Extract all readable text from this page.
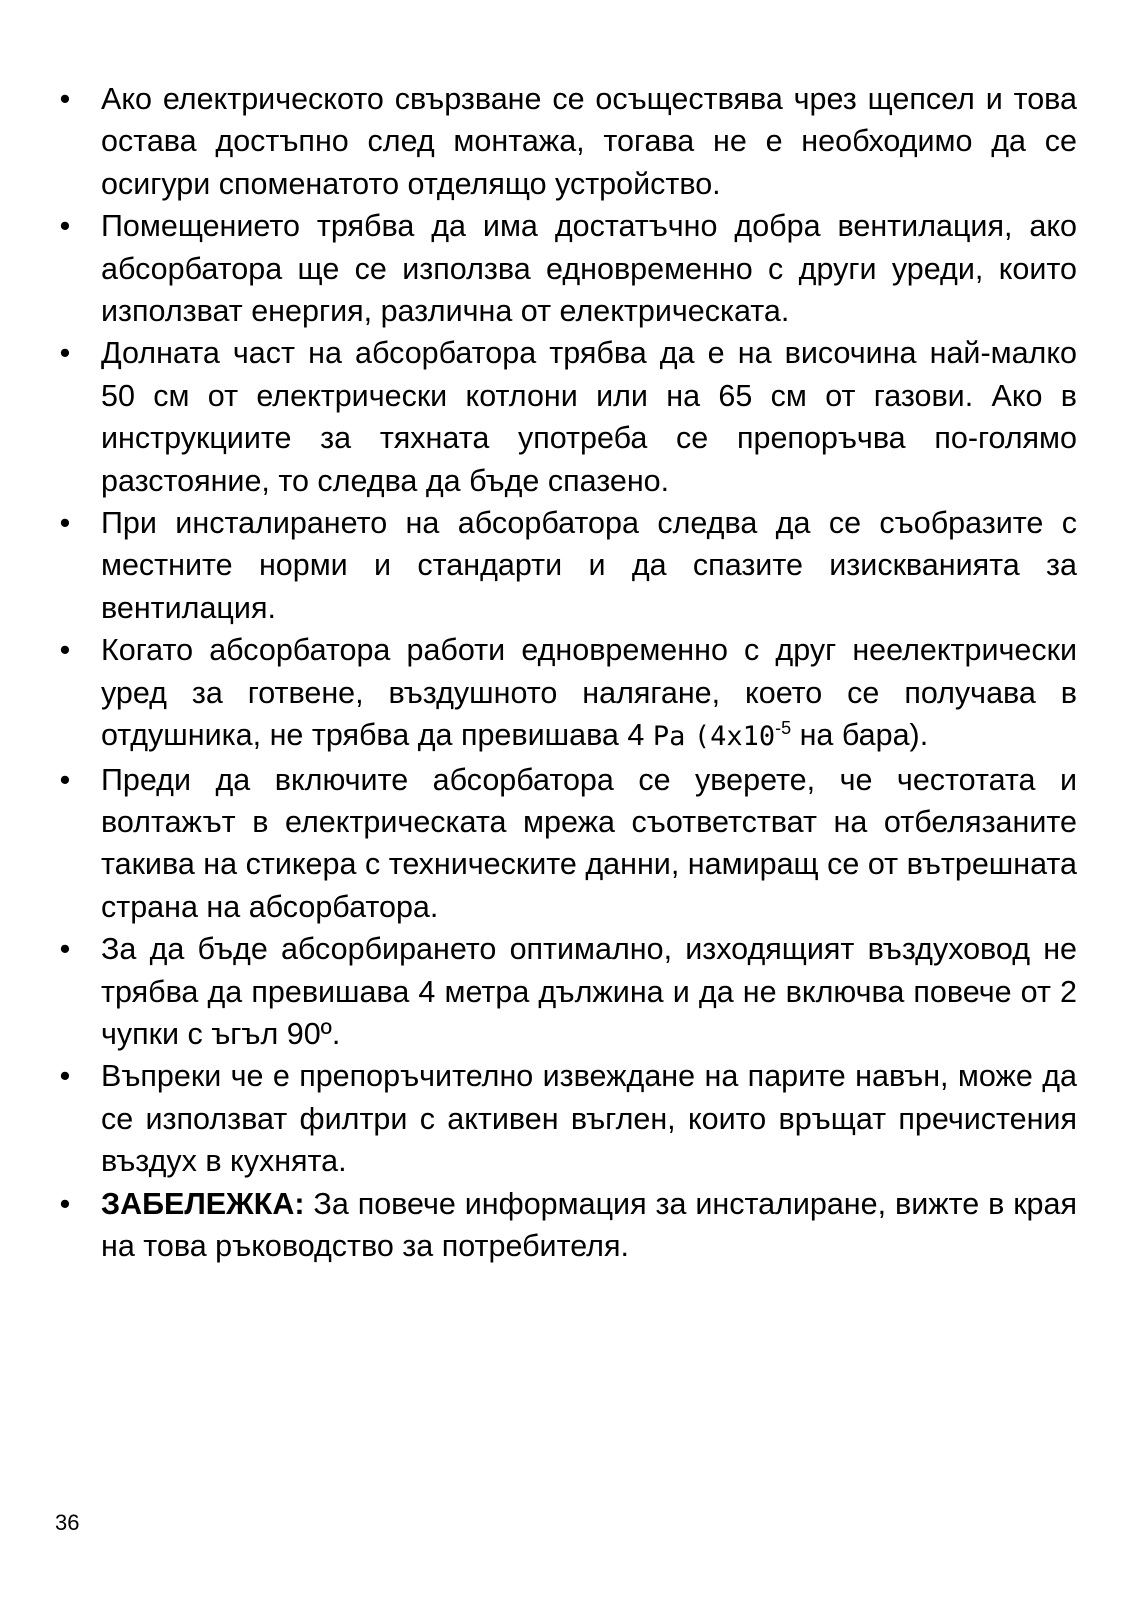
• Ако електрическото свързване се осъществява чрез щепсел и това остава достъпно след монтажа, тогава не е необходимо да се осигури споменатото отделящо устройство.
• Помещението трябва да има достатъчно добра вентилация, ако абсорбатора ще се използва едновременно с други уреди, които използват енергия, различна от електрическата.
• Долната част на абсорбатора трябва да е на височина най-малко 50 см от електрически котлони или на 65 см от газови. Ако в инструкциите за тяхната употреба се препоръчва по-голямо разстояние, то следва да бъде спазено.
• При инсталирането на абсорбатора следва да се съобразите с местните норми и стандарти и да спазите изискванията за вентилация.
• Когато абсорбатора работи едновременно с друг неелектрически уред за готвене, въздушното налягане, което се получава в отдушника, не трябва да превишава 4 Pa ($4x10^{-5}$ на бара).
• Преди да включите абсорбатора се уверете, че честотата и волтажът в електрическата мрежа съответстват на отбелязаните такива на стикера с техническите данни, намиращ се от вътрешната страна на абсорбатора.
• За да бъде абсорбирането оптимално, изходящият въздуховод не трябва да превишава 4 метра дължина и да не включва повече от 2 чупки с ъгъл 90º.
• Въпреки че е препоръчително извеждане на парите навън, може да се използват филтри с активен въглен, които връщат пречистения въздух в кухнята.
• ЗАБЕЛЕЖКА: За повече информация за инсталиране, вижте в края на това ръководство за потребителя.
36
